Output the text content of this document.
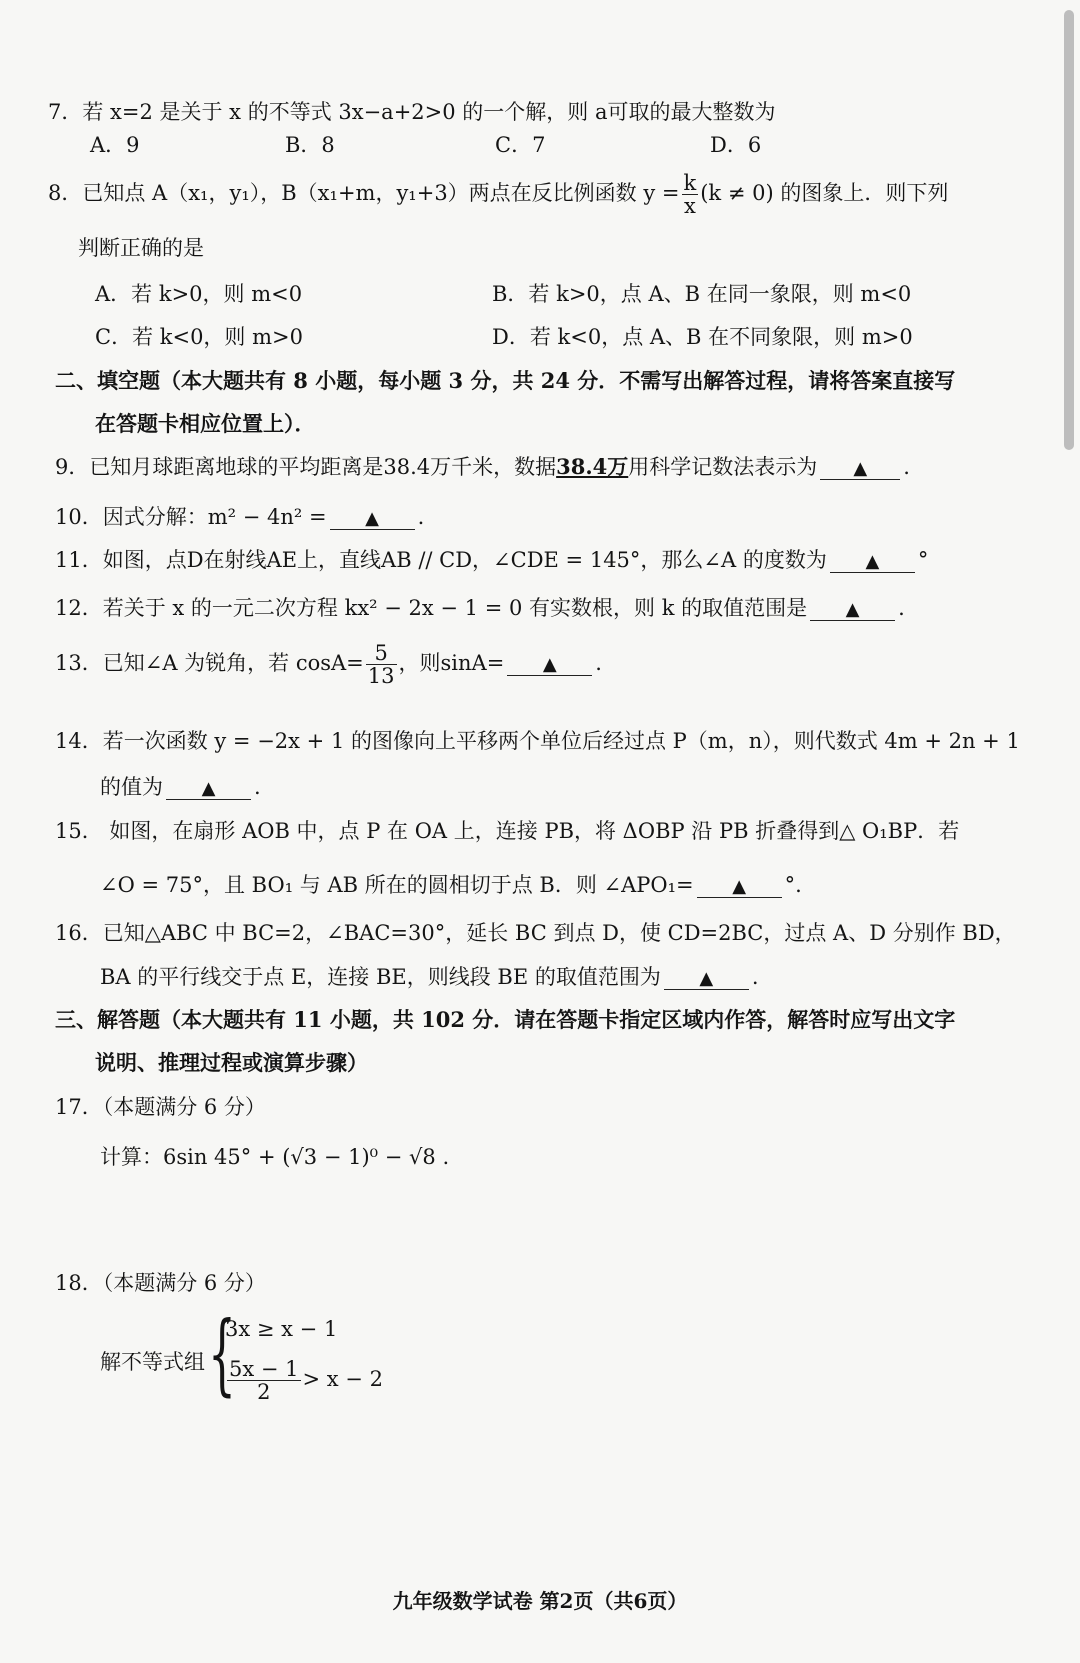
7．若 x=2 是关于 x 的不等式 3x−a+2>0 的一个解，则 a可取的最大整数为
A．9	B．8	C．7	D．6
8．已知点 A（x₁，y₁），B（x₁+m，y₁+3）两点在反比例函数 $y = \frac{k}{x} (k \ne 0)$ 的图象上．则下列
判断正确的是
A．若 k>0，则 m<0	B．若 k>0，点 A、B 在同一象限，则 m<0
C．若 k<0，则 m>0	D．若 k<0，点 A、B 在不同象限，则 m>0
二、填空题（本大题共有 8 小题，每小题 3 分，共 24 分．不需写出解答过程，请将答案直接写
在答题卡相应位置上）．
9．已知月球距离地球的平均距离是38.4万千米，数据38.4万用科学记数法表示为 ▲ .
10．因式分解：m² − 4n² = ▲ .
11．如图，点D在射线AE上，直线AB // CD，∠CDE = 145°，那么∠A 的度数为 ▲ °
12．若关于 x 的一元二次方程 kx² − 2x − 1 = 0 有实数根，则 k 的取值范围是 ▲ .
13．已知∠A 为锐角，若 $\cos A= \frac{5}{13}$ ，则sinA= ▲ .
14．若一次函数 y = −2x + 1 的图像向上平移两个单位后经过点 P（m，n），则代数式 4m + 2n + 1
的值为 ▲ .
15． 如图，在扇形 AOB 中，点 P 在 OA 上，连接 PB，将 ΔOBP 沿 PB 折叠得到△ O₁BP．若
∠O = 75°，且 BO₁ 与 AB 所在的圆相切于点 B．则 ∠APO₁= ▲ °.
16．已知△ABC 中 BC=2，∠BAC=30°，延长 BC 到点 D，使 CD=2BC，过点 A、D 分别作 BD，
BA 的平行线交于点 E，连接 BE，则线段 BE 的取值范围为 ▲ .
三、解答题（本大题共有 11 小题，共 102 分．请在答题卡指定区域内作答，解答时应写出文字
说明、推理过程或演算步骤）
17．（本题满分 6 分）
计算：6sin 45° + (√3 − 1)⁰ − √8 .
18．（本题满分 6 分）
解不等式组 {
3x ≥ x − 1
$\frac{5x - 1}{2} > x - 2$
九年级数学试卷 第2页（共6页）
